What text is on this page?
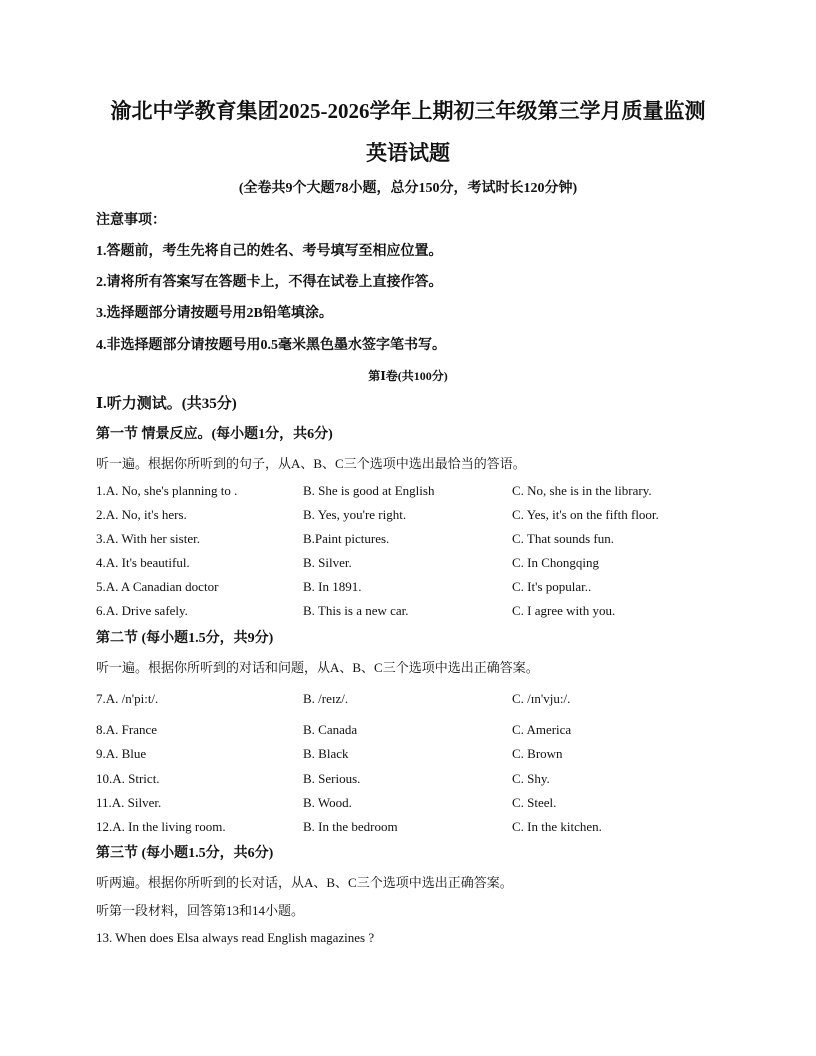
渝北中学教育集团2025-2026学年上期初三年级第三学月质量监测
英语试题
(全卷共9个大题78小题，总分150分，考试时长120分钟)
注意事项：
1.答题前，考生先将自己的姓名、考号填写至相应位置。
2.请将所有答案写在答题卡上，不得在试卷上直接作答。
3.选择题部分请按题号用2B铅笔填涂。
4.非选择题部分请按题号用0.5毫米黑色墨水签字笔书写。
第Ⅰ卷(共100分)
Ⅰ.听力测试。(共35分)
第一节 情景反应。(每小题1分，共6分)
听一遍。根据你所听到的句子，从A、B、C三个选项中选出最恰当的答语。
1.A. No, she's planning to .	B. She is good at English	C. No, she is in the library.
2.A. No, it's hers.	B. Yes, you're right.	C. Yes, it's on the fifth floor.
3.A. With her sister.	B.Paint pictures.	C. That sounds fun.
4.A. It's beautiful.	B. Silver.	C. In Chongqing
5.A. A Canadian doctor	B. In 1891.	C. It's popular..
6.A. Drive safely.	B. This is a new car.	C. I agree with you.
第二节 (每小题1.5分，共9分)
听一遍。根据你所听到的对话和问题，从A、B、C三个选项中选出正确答案。
7.A. /n'pi:t/.	B. /reɪz/.	C. /ɪn'vju:/.
8.A. France	B. Canada	C. America
9.A. Blue	B. Black	C. Brown
10.A. Strict.	B. Serious.	C. Shy.
11.A. Silver.	B. Wood.	C. Steel.
12.A. In the living room.	B. In the bedroom	C. In the kitchen.
第三节 (每小题1.5分，共6分)
听两遍。根据你所听到的长对话，从A、B、C三个选项中选出正确答案。
听第一段材料，回答第13和14小题。
13. When does Elsa always read English magazines ?
